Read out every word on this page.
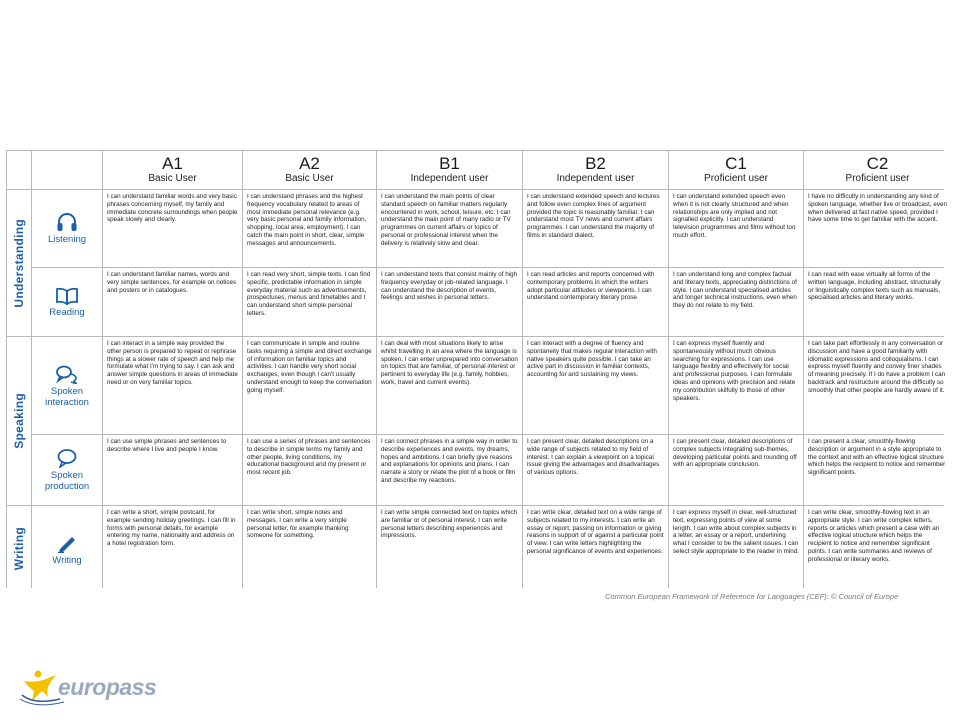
A1
Basic User
A2
Basic User
B1
Independent user
B2
Independent user
C1
Proficient user
C2
Proficient user
Understanding Listening
I can understand familiar words and very basic phrases concerning myself, my family and immediate concrete surroundings when people speak slowly and clearly.
I can understand phrases and the highest frequency vocabulary related to areas of most immediate personal relevance (e.g. very basic personal and family information, shopping, local area, employment). I can catch the main point in short, clear, simple messages and announcements.
I can understand the main points of clear standard speech on familiar matters regularly encountered in work, school, leisure, etc. I can understand the main point of many radio or TV programmes on current affairs or topics of personal or professional interest when the delivery is relatively slow and clear.
I can understand extended speech and lectures and follow even complex lines of argument provided the topic is reasonably familiar. I can understand most TV news and current affairs programmes. I can understand the majority of films in standard dialect.
I can understand extended speech even when it is not clearly structured and when relationships are only implied and not signalled explicitly. I can understand television programmes and films without too much effort.
I have no difficulty in understanding any kind of spoken language, whether live or broadcast, even when delivered at fast native speed, provided I have some time to get familiar with the accent.
Reading
I can understand familiar names, words and very simple sentences, for example on notices and posters or in catalogues.
I can read very short, simple texts. I can find specific, predictable information in simple everyday material such as advertisements, prospectuses, menus and timetables and I can understand short simple personal letters.
I can understand texts that consist mainly of high frequency everyday or job-related language. I can understand the description of events, feelings and wishes in personal letters.
I can read articles and reports concerned with contemporary problems in which the writers adopt particular attitudes or viewpoints. I can understand contemporary literary prose.
I can understand long and complex factual and literary texts, appreciating distinctions of style. I can understand specialised articles and longer technical instructions, even when they do not relate to my field.
I can read with ease virtually all forms of the written language, including abstract, structurally or linguistically complex texts such as manuals, specialised articles and literary works.
Speaking
Spoken interaction
I can interact in a simple way provided the other person is prepared to repeat or rephrase things at a slower rate of speech and help me formulate what I'm trying to say. I can ask and answer simple questions in areas of immediate need or on very familiar topics.
I can communicate in simple and routine tasks requiring a simple and direct exchange of information on familiar topics and activities. I can handle very short social exchanges, even though I can't usually understand enough to keep the conversation going myself.
I can deal with most situations likely to arise whilst travelling in an area where the language is spoken. I can enter unprepared into conversation on topics that are familiar, of personal interest or pertinent to everyday life (e.g. family, hobbies, work, travel and current events).
I can interact with a degree of fluency and spontaneity that makes regular interaction with native speakers quite possible. I can take an active part in discussion in familiar contexts, accounting for and sustaining my views.
I can express myself fluently and spontaneously without much obvious searching for expressions. I can use language flexibly and effectively for social and professional purposes. I can formulate ideas and opinions with precision and relate my contribution skilfully to those of other speakers.
I can take part effortlessly in any conversation or discussion and have a good familiarity with idiomatic expressions and colloquialisms. I can express myself fluently and convey finer shades of meaning precisely. If I do have a problem I can backtrack and restructure around the difficulty so smoothly that other people are hardly aware of it.
Spoken production
I can use simple phrases and sentences to describe where I live and people I know.
I can use a series of phrases and sentences to describe in simple terms my family and other people, living conditions, my educational background and my present or most recent job.
I can connect phrases in a simple way in order to describe experiences and events, my dreams, hopes and ambitions. I can briefly give reasons and explanations for opinions and plans. I can narrate a story or relate the plot of a book or film and describe my reactions.
I can present clear, detailed descriptions on a wide range of subjects related to my field of interest. I can explain a viewpoint on a topical issue giving the advantages and disadvantages of various options.
I can present clear, detailed descriptions of complex subjects integrating sub-themes, developing particular points and rounding off with an appropriate conclusion.
I can present a clear, smoothly-flowing description or argument in a style appropriate to the context and with an effective logical structure which helps the recipient to notice and remember significant points.
Writing	Writing
I can write a short, simple postcard, for example sending holiday greetings. I can fill in forms with personal details, for example entering my name, nationality and address on a hotel registration form.
I can write short, simple notes and messages. I can write a very simple personal letter, for example thanking someone for something.
I can write simple connected text on topics which are familiar or of personal interest. I can write personal letters describing experiences and impressions.
I can write clear, detailed text on a wide range of subjects related to my interests. I can write an essay or report, passing on information or giving reasons in support of or against a particular point of view. I can write letters highlighting the personal significance of events and experiences.
I can express myself in clear, well-structured text, expressing points of view at some length. I can write about complex subjects in a letter, an essay or a report, underlining what I consider to be the salient issues. I can select style appropriate to the reader in mind.
I can write clear, smoothly-flowing text in an appropriate style. I can write complex letters, reports or articles which present a case with an effective logical structure which helps the recipient to notice and remember significant points. I can write summaries and reviews of professional or literary works.
Common European Framework of Reference for Languages (CEF): © Council of Europe
europass
